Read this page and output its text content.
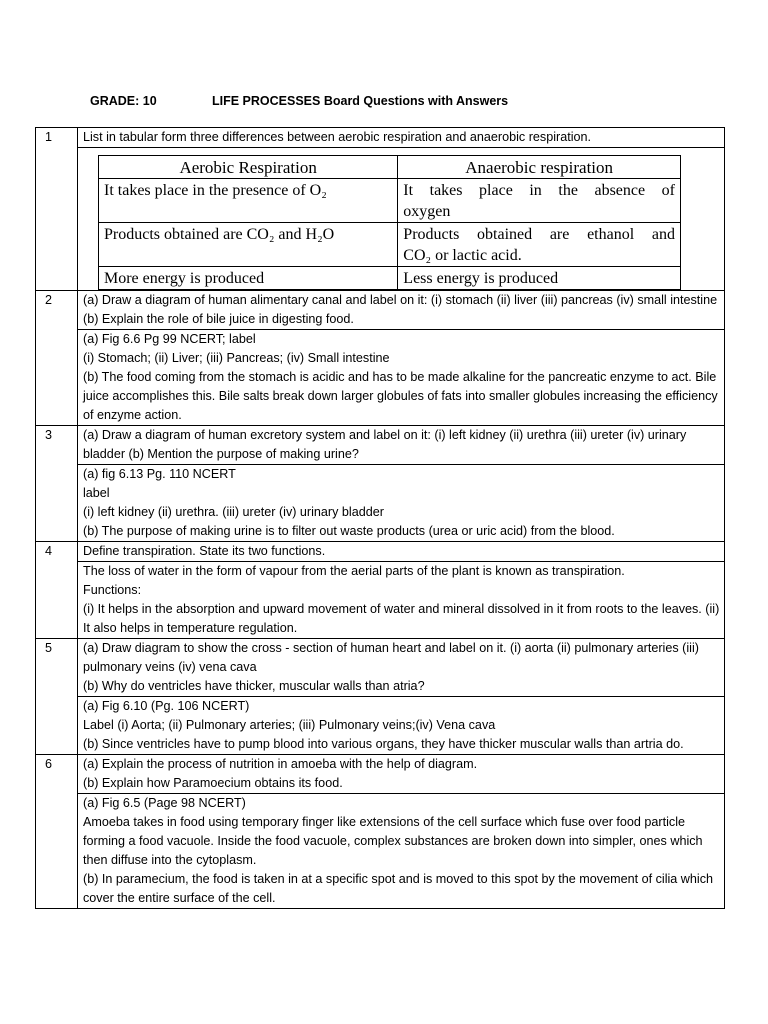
GRADE: 10	LIFE PROCESSES Board Questions with Answers
1	List in tabular form three differences between aerobic respiration and anaerobic respiration.

Aerobic Respiration	Anaerobic respiration
It takes place in the presence of O₂	It takes place in the absence of
oxygen

Products obtained are CO₂ and H₂O	Products obtained are ethanol and
CO₂ or lactic acid.

More energy is produced	Less energy is produced

2	(a) Draw a diagram of human alimentary canal and label on it: (i) stomach (ii) liver (iii) pancreas (iv) small intestine (b) Explain the role of bile juice in digesting food.

(a) Fig 6.6 Pg 99 NCERT; label

(i) Stomach; (ii) Liver; (iii) Pancreas; (iv) Small intestine

(b) The food coming from the stomach is acidic and has to be made alkaline for the pancreatic enzyme to act. Bile juice accomplishes this. Bile salts break down larger globules of fats into smaller globules increasing the efficiency of enzyme action.

3	(a) Draw a diagram of human excretory system and label on it: (i) left kidney (ii) urethra (iii) ureter (iv) urinary bladder (b) Mention the purpose of making urine?

(a) fig 6.13 Pg. 110 NCERT

label

(i) left kidney (ii) urethra. (iii) ureter (iv) urinary bladder

(b) The purpose of making urine is to filter out waste products (urea or uric acid) from the blood.

4	Define transpiration. State its two functions.

The loss of water in the form of vapour from the aerial parts of the plant is known as transpiration.

Functions:

(i) It helps in the absorption and upward movement of water and mineral dissolved in it from roots to the leaves. (ii) It also helps in temperature regulation.

5	(a) Draw diagram to show the cross - section of human heart and label on it. (i) aorta (ii) pulmonary arteries (iii) pulmonary veins (iv) vena cava

(b) Why do ventricles have thicker, muscular walls than atria?

(a) Fig 6.10 (Pg. 106 NCERT)

Label (i) Aorta; (ii) Pulmonary arteries; (iii) Pulmonary veins;(iv) Vena cava

(b) Since ventricles have to pump blood into various organs, they have thicker muscular walls than artria do.

6	(a) Explain the process of nutrition in amoeba with the help of diagram.

(b) Explain how Paramoecium obtains its food.

(a) Fig 6.5 (Page 98 NCERT)

Amoeba takes in food using temporary finger like extensions of the cell surface which fuse over food particle forming a food vacuole. Inside the food vacuole, complex substances are broken down into simpler, ones which then diffuse into the cytoplasm.

(b) In paramecium, the food is taken in at a specific spot and is moved to this spot by the movement of cilia which cover the entire surface of the cell.
